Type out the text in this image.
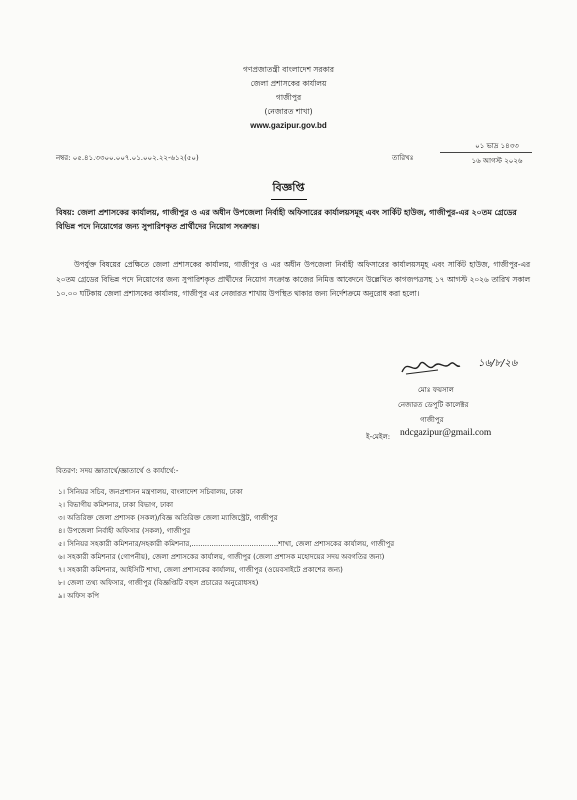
গণপ্রজাতন্ত্রী বাংলাদেশ সরকার
জেলা প্রশাসকের কার্যালয়
গাজীপুর
(নেজারত শাখা)
www.gazipur.gov.bd
নম্বর: ০৫.৪১.৩৩০০.০০৭.০১.০০২.২২-৬১২(৫০)	তারিখঃ
০১ ভাদ্র ১৪৩৩
১৬ আগস্ট ২০২৬
বিজ্ঞপ্তি
বিষয়: জেলা প্রশাসকের কার্যালয়, গাজীপুর ও এর অধীন উপজেলা নির্বাহী অফিসারের কার্যালয়সমূহ এবং সার্কিট হাউজ, গাজীপুর-এর ২০তম গ্রেডের বিভিন্ন পদে নিয়োগের জন্য সুপারিশকৃত প্রার্থীদের নিয়োগ সংক্রান্ত।
উপর্যুক্ত বিষয়ের প্রেক্ষিতে জেলা প্রশাসকের কার্যালয়, গাজীপুর ও এর অধীন উপজেলা নির্বাহী অফিসারের কার্যালয়সমূহ এবং সার্কিট হাউজ, গাজীপুর-এর ২০তম গ্রেডের বিভিন্ন পদে নিয়োগের জন্য সুপারিশকৃত প্রার্থীদের নিয়োগ সংক্রান্ত কাজের নিমিত্ত আবেদনে উল্লেখিত কাগজপত্রসহ ১৭ আগস্ট ২০২৬ তারিখ সকাল ১০.০০ ঘটিকায় জেলা প্রশাসকের কার্যালয়, গাজীপুর এর নেজারত শাখায় উপস্থিত থাকার জন্য নির্দেশক্রমে অনুরোধ করা হলো।
১৬/৮/২৬
মোঃ ফয়সাল
নেজারত ডেপুটি কালেক্টর
গাজীপুর
ই-মেইল: ndcgazipur@gmail.com
বিতরণ: সদয় জ্ঞাতার্থে/জ্ঞাতার্থে ও কার্যার্থে:-
১। সিনিয়র সচিব, জনপ্রশাসন মন্ত্রণালয়, বাংলাদেশ সচিবালয়, ঢাকা
২। বিভাগীয় কমিশনার, ঢাকা বিভাগ, ঢাকা
৩। অতিরিক্ত জেলা প্রশাসক (সকল)/বিজ্ঞ অতিরিক্ত জেলা ম্যাজিস্ট্রেট, গাজীপুর
৪। উপজেলা নির্বাহী অফিসার (সকল), গাজীপুর
৫। সিনিয়র সহকারী কমিশনার/সহকারী কমিশনার,.......................................শাখা, জেলা প্রশাসকের কার্যালয়, গাজীপুর
৬। সহকারী কমিশনার (গোপনীয়), জেলা প্রশাসকের কার্যালয়, গাজীপুর (জেলা প্রশাসক মহোদয়ের সদয় অবগতির জন্য)
৭। সহকারী কমিশনার, আইসিটি শাখা, জেলা প্রশাসকের কার্যালয়, গাজীপুর (ওয়েবসাইটে প্রকাশের জন্য)
৮। জেলা তথ্য অফিসার, গাজীপুর (বিজ্ঞপ্তিটি বহুল প্রচারের অনুরোধসহ)
৯। অফিস কপি
